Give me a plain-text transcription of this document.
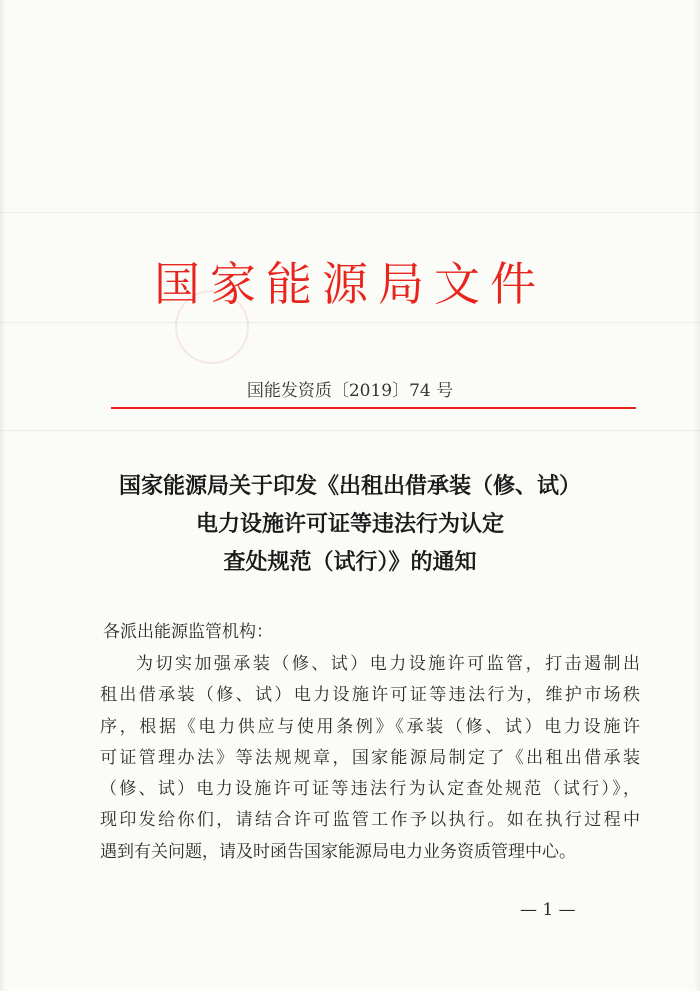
国家能源局文件
国能发资质〔2019〕74 号
国家能源局关于印发《出租出借承装（修、试）
电力设施许可证等违法行为认定
查处规范（试行）》的通知
各派出能源监管机构：
为切实加强承装（修、试）电力设施许可监管，打击遏制出
租出借承装（修、试）电力设施许可证等违法行为，维护市场秩
序，根据《电力供应与使用条例》《承装（修、试）电力设施许
可证管理办法》等法规规章，国家能源局制定了《出租出借承装
（修、试）电力设施许可证等违法行为认定查处规范（试行）》，
现印发给你们，请结合许可监管工作予以执行。如在执行过程中
遇到有关问题，请及时函告国家能源局电力业务资质管理中心。
— 1 —
